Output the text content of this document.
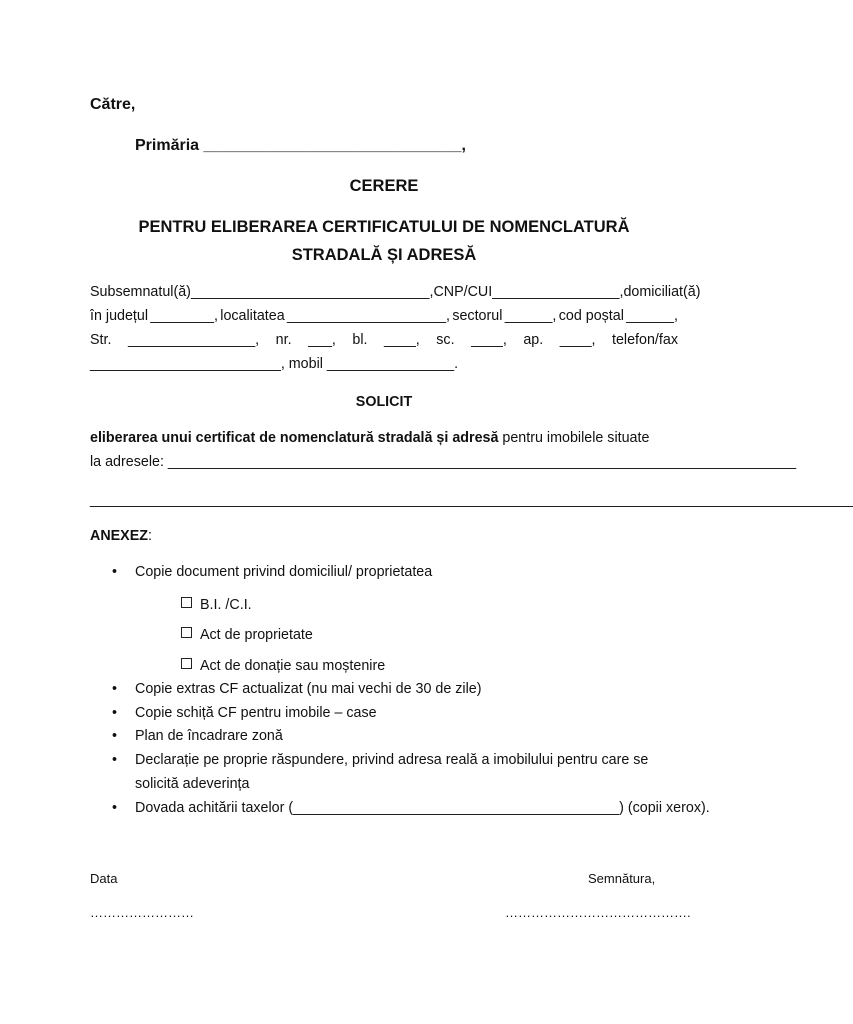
Către,
Primăria _____________________________,
CERERE
PENTRU ELIBERAREA CERTIFICATULUI DE NOMENCLATURĂ
STRADALĂ ȘI ADRESĂ
Subsemnatul(ă) ______________________________, CNP/CUI ________________, domiciliat(ă)
în județul ________, localitatea ____________________, sectorul ______, cod poștal ______,
Str. ________________, nr. ___, bl. ____, sc. ____, ap. ____, telefon/fax
________________________, mobil ________________.
SOLICIT
eliberarea unui certificat de nomenclatură stradală și adresă pentru imobilele situate
la adresele: _______________________________________________________________________________
________________________________________________________________________________________________
ANEXEZ:
• Copie document privind domiciliul/ proprietatea
B.I. /C.I.
Act de proprietate
Act de donație sau moștenire
• Copie extras CF actualizat (nu mai vechi de 30 de zile)
• Copie schiță CF pentru imobile – case
• Plan de încadrare zonă
• Declarație pe proprie răspundere, privind adresa reală a imobilului pentru care se
solicită adeverința
• Dovada achitării taxelor (_________________________________________) (copii xerox).
Data
……………………
Semnătura,
…………………………………….
